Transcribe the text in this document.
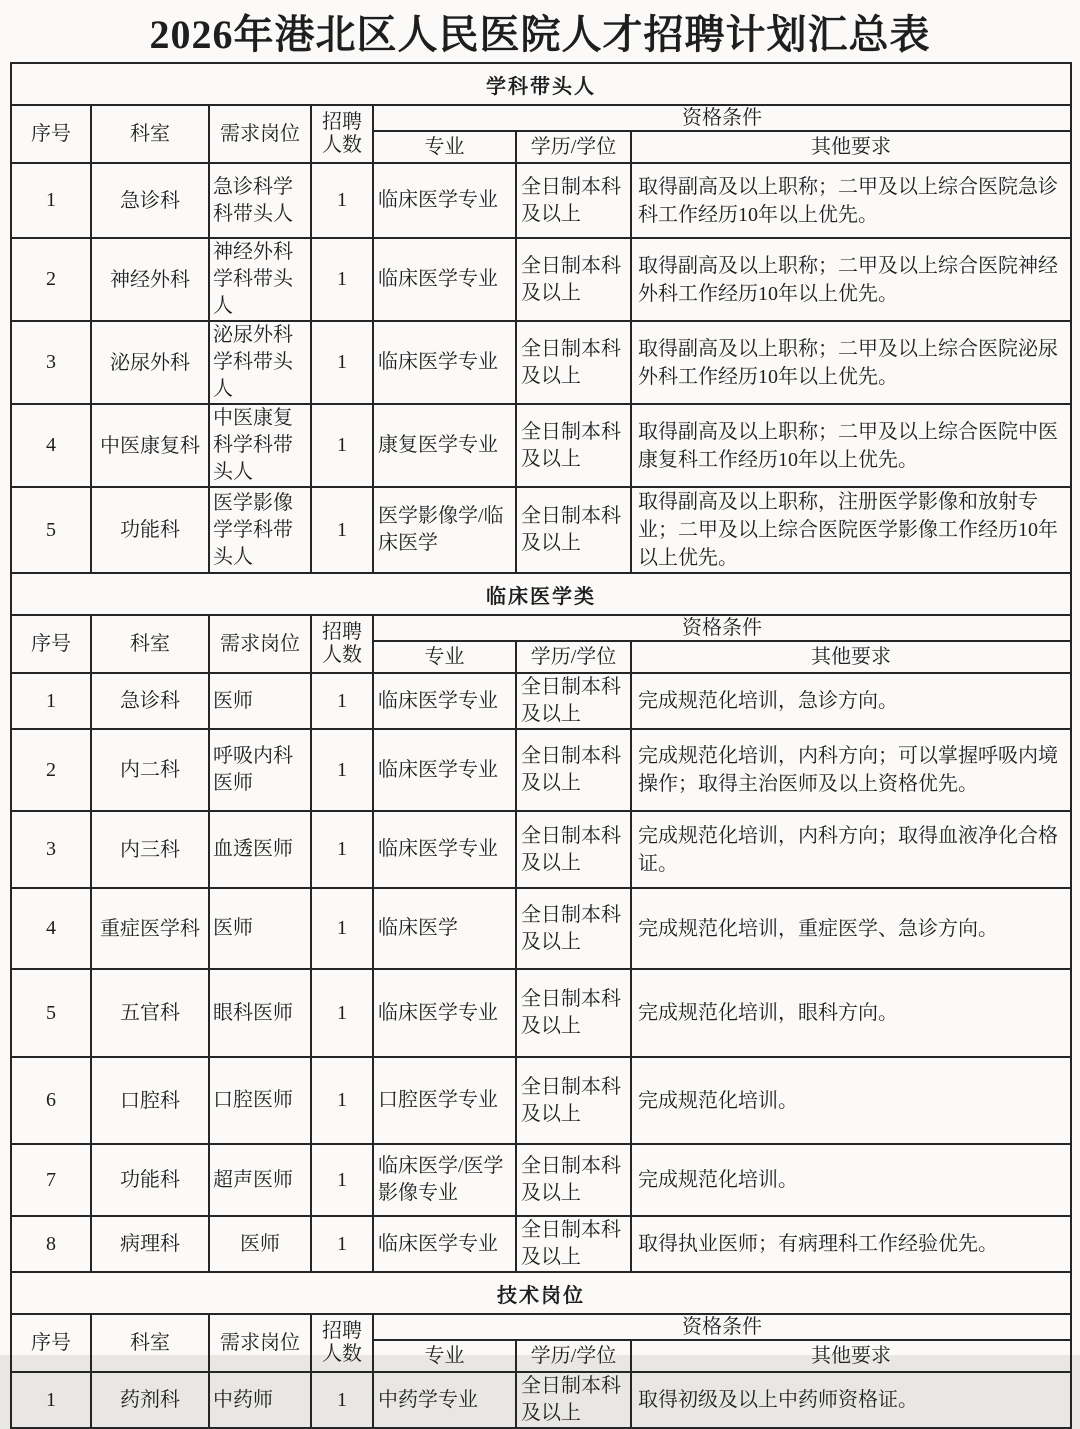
2026年港北区人民医院人才招聘计划汇总表
学科带头人						
序号	科室	需求岗位	招聘人数	资格条件		
				专业	学历/学位	其他要求
1	急诊科	急诊科学科带头人	1	临床医学专业	全日制本科及以上	取得副高及以上职称；二甲及以上综合医院急诊科工作经历10年以上优先。
2	神经外科	神经外科学科带头人	1	临床医学专业	全日制本科及以上	取得副高及以上职称；二甲及以上综合医院神经外科工作经历10年以上优先。
3	泌尿外科	泌尿外科学科带头人	1	临床医学专业	全日制本科及以上	取得副高及以上职称；二甲及以上综合医院泌尿外科工作经历10年以上优先。
4	中医康复科	中医康复科学科带头人	1	康复医学专业	全日制本科及以上	取得副高及以上职称；二甲及以上综合医院中医康复科工作经历10年以上优先。
5	功能科	医学影像学学科带头人	1	医学影像学/临床医学	全日制本科及以上	取得副高及以上职称，注册医学影像和放射专业；二甲及以上综合医院医学影像工作经历10年以上优先。
临床医学类						
序号	科室	需求岗位	招聘人数	资格条件		
				专业	学历/学位	其他要求
1	急诊科	医师	1	临床医学专业	全日制本科及以上	完成规范化培训，急诊方向。
2	内二科	呼吸内科医师	1	临床医学专业	全日制本科及以上	完成规范化培训，内科方向；可以掌握呼吸内境操作；取得主治医师及以上资格优先。
3	内三科	血透医师	1	临床医学专业	全日制本科及以上	完成规范化培训，内科方向；取得血液净化合格证。
4	重症医学科	医师	1	临床医学	全日制本科及以上	完成规范化培训，重症医学、急诊方向。
5	五官科	眼科医师	1	临床医学专业	全日制本科及以上	完成规范化培训，眼科方向。
6	口腔科	口腔医师	1	口腔医学专业	全日制本科及以上	完成规范化培训。
7	功能科	超声医师	1	临床医学/医学影像专业	全日制本科及以上	完成规范化培训。
8	病理科	医师	1	临床医学专业	全日制本科及以上	取得执业医师；有病理科工作经验优先。
技术岗位						
序号	科室	需求岗位	招聘人数	资格条件		
				专业	学历/学位	其他要求
1	药剂科	中药师	1	中药学专业	全日制本科及以上	取得初级及以上中药师资格证。
